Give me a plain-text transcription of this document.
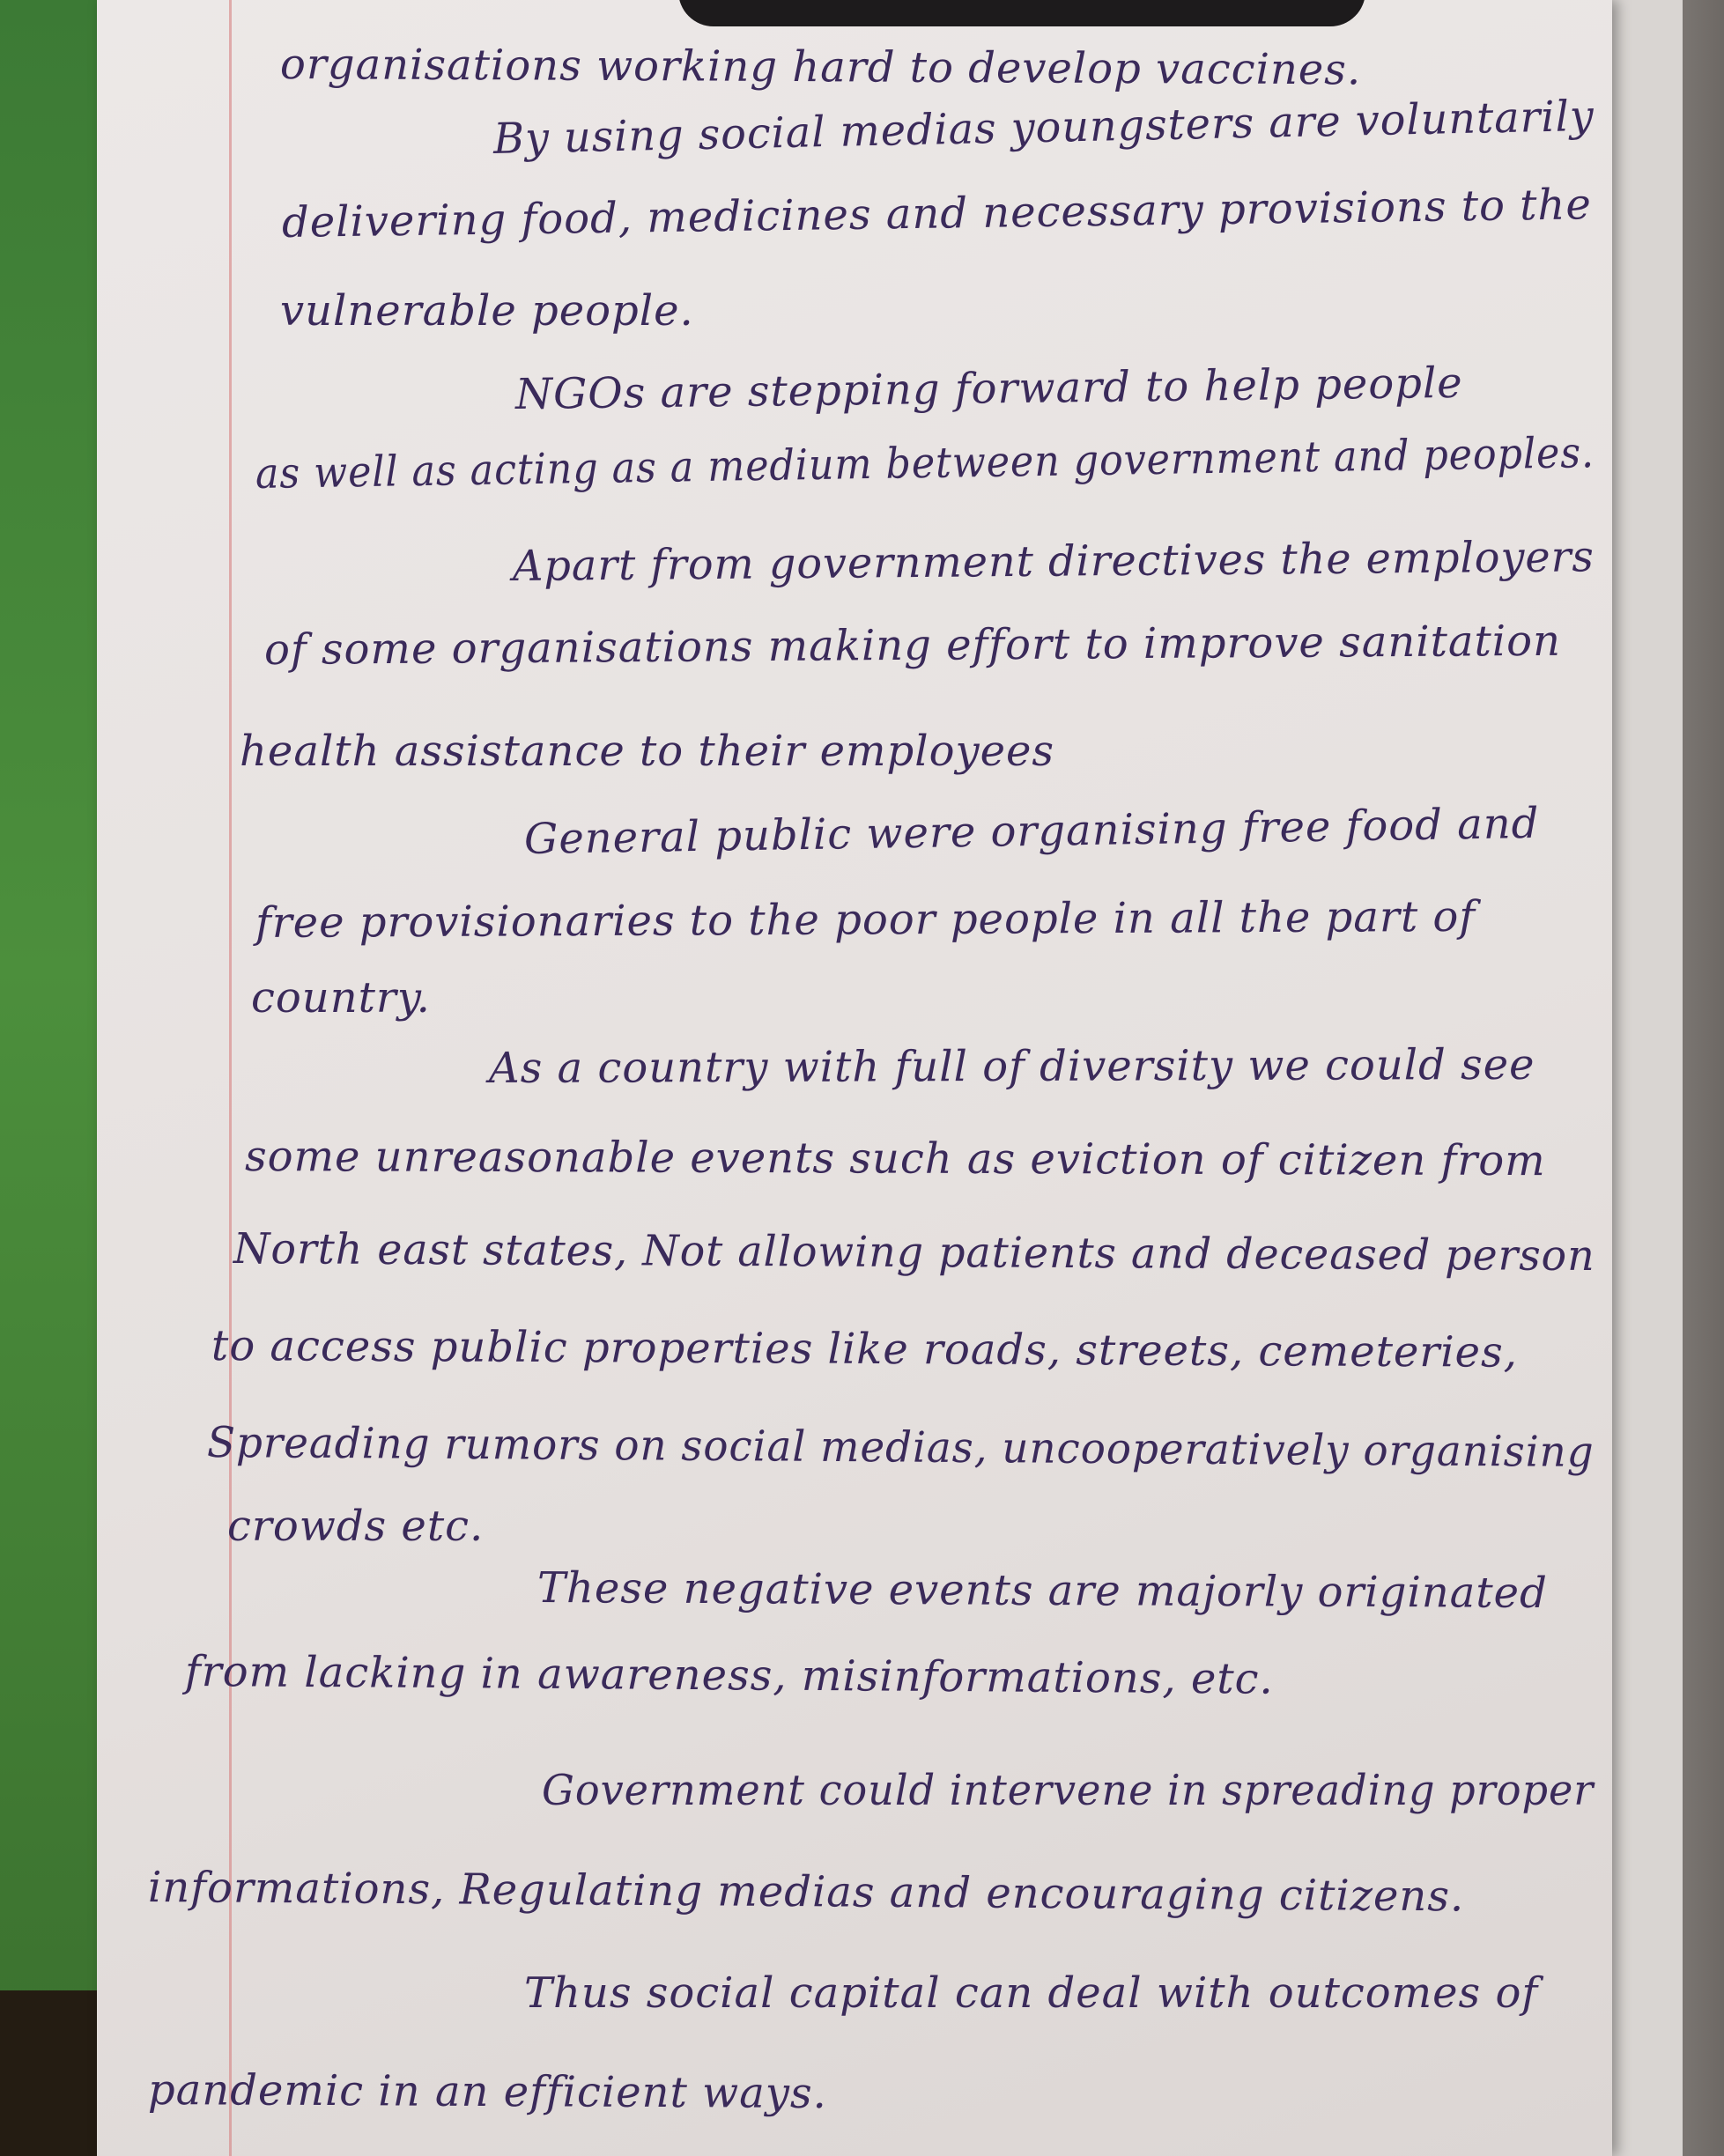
organisations working hard to develop vaccines.
By using social medias youngsters are voluntarily
delivering food, medicines and necessary provisions to the
vulnerable people.
NGOs are stepping forward to help people
as well as acting as a medium between government and peoples.
Apart from government directives the employers
of some organisations making effort to improve sanitation
health assistance to their employees
General public were organising free food and
free provisionaries to the poor people in all the part of
country.
As a country with full of diversity we could see
some unreasonable events such as eviction of citizen from
North east states, Not allowing patients and deceased person
to access public properties like roads, streets, cemeteries,
Spreading rumors on social medias, uncooperatively organising
crowds etc.
These negative events are majorly originated
from lacking in awareness, misinformations, etc.
Government could intervene in spreading proper
informations, Regulating medias and encouraging citizens.
Thus social capital can deal with outcomes of
pandemic in an efficient ways.
